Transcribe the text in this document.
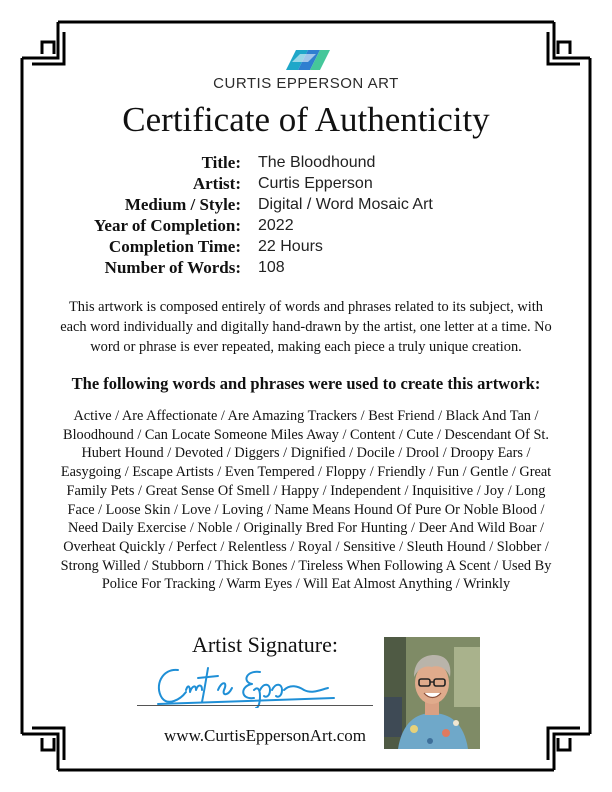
CURTIS EPPERSON ART
Certificate of Authenticity
Title:	The Bloodhound
Artist:	Curtis Epperson
Medium / Style:	Digital / Word Mosaic Art
Year of Completion:	2022
Completion Time:	22 Hours
Number of Words:	108
This artwork is composed entirely of words and phrases related to its subject, with each word individually and digitally hand-drawn by the artist, one letter at a time. No word or phrase is ever repeated, making each piece a truly unique creation.
The following words and phrases were used to create this artwork:
Active / Are Affectionate / Are Amazing Trackers / Best Friend / Black And Tan / Bloodhound / Can Locate Someone Miles Away / Content / Cute / Descendant Of St. Hubert Hound / Devoted / Diggers / Dignified / Docile / Drool / Droopy Ears / Easygoing / Escape Artists / Even Tempered / Floppy / Friendly / Fun / Gentle / Great Family Pets / Great Sense Of Smell / Happy / Independent / Inquisitive / Joy / Long Face / Loose Skin / Love / Loving / Name Means Hound Of Pure Or Noble Blood / Need Daily Exercise / Noble / Originally Bred For Hunting / Deer And Wild Boar / Overheat Quickly / Perfect / Relentless / Royal / Sensitive / Sleuth Hound / Slobber / Strong Willed / Stubborn / Thick Bones / Tireless When Following A Scent / Used By Police For Tracking / Warm Eyes / Will Eat Almost Anything / Wrinkly
Artist Signature:
www.CurtisEppersonArt.com
